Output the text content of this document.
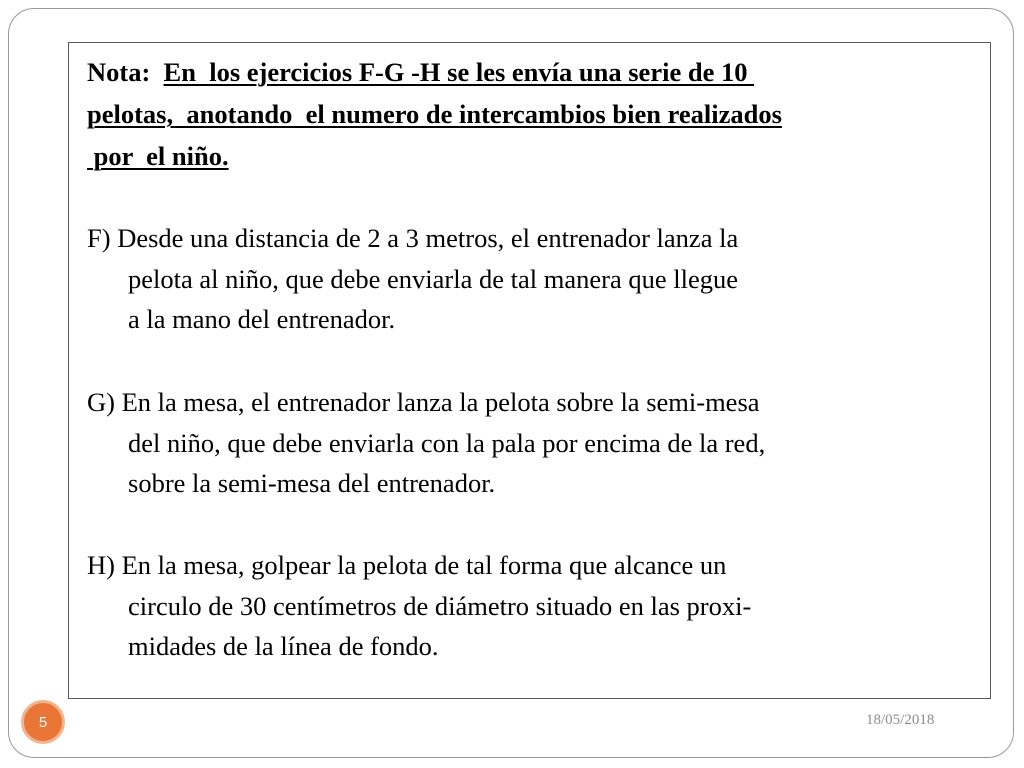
Nota: En  los ejercicios F-G -H se les envía una serie de 10
pelotas,  anotando  el numero de intercambios bien realizados
por  el niño.
F) Desde una distancia de 2 a 3 metros, el entrenador lanza la
pelota al niño, que debe enviarla de tal manera que llegue
a la mano del entrenador.
G) En la mesa, el entrenador lanza la pelota sobre la semi-mesa
del niño, que debe enviarla con la pala por encima de la red,
sobre la semi-mesa del entrenador.
H) En la mesa, golpear la pelota de tal forma que alcance un
circulo de 30 centímetros de diámetro situado en las proxi-
midades de la línea de fondo.
5	18/05/2018
